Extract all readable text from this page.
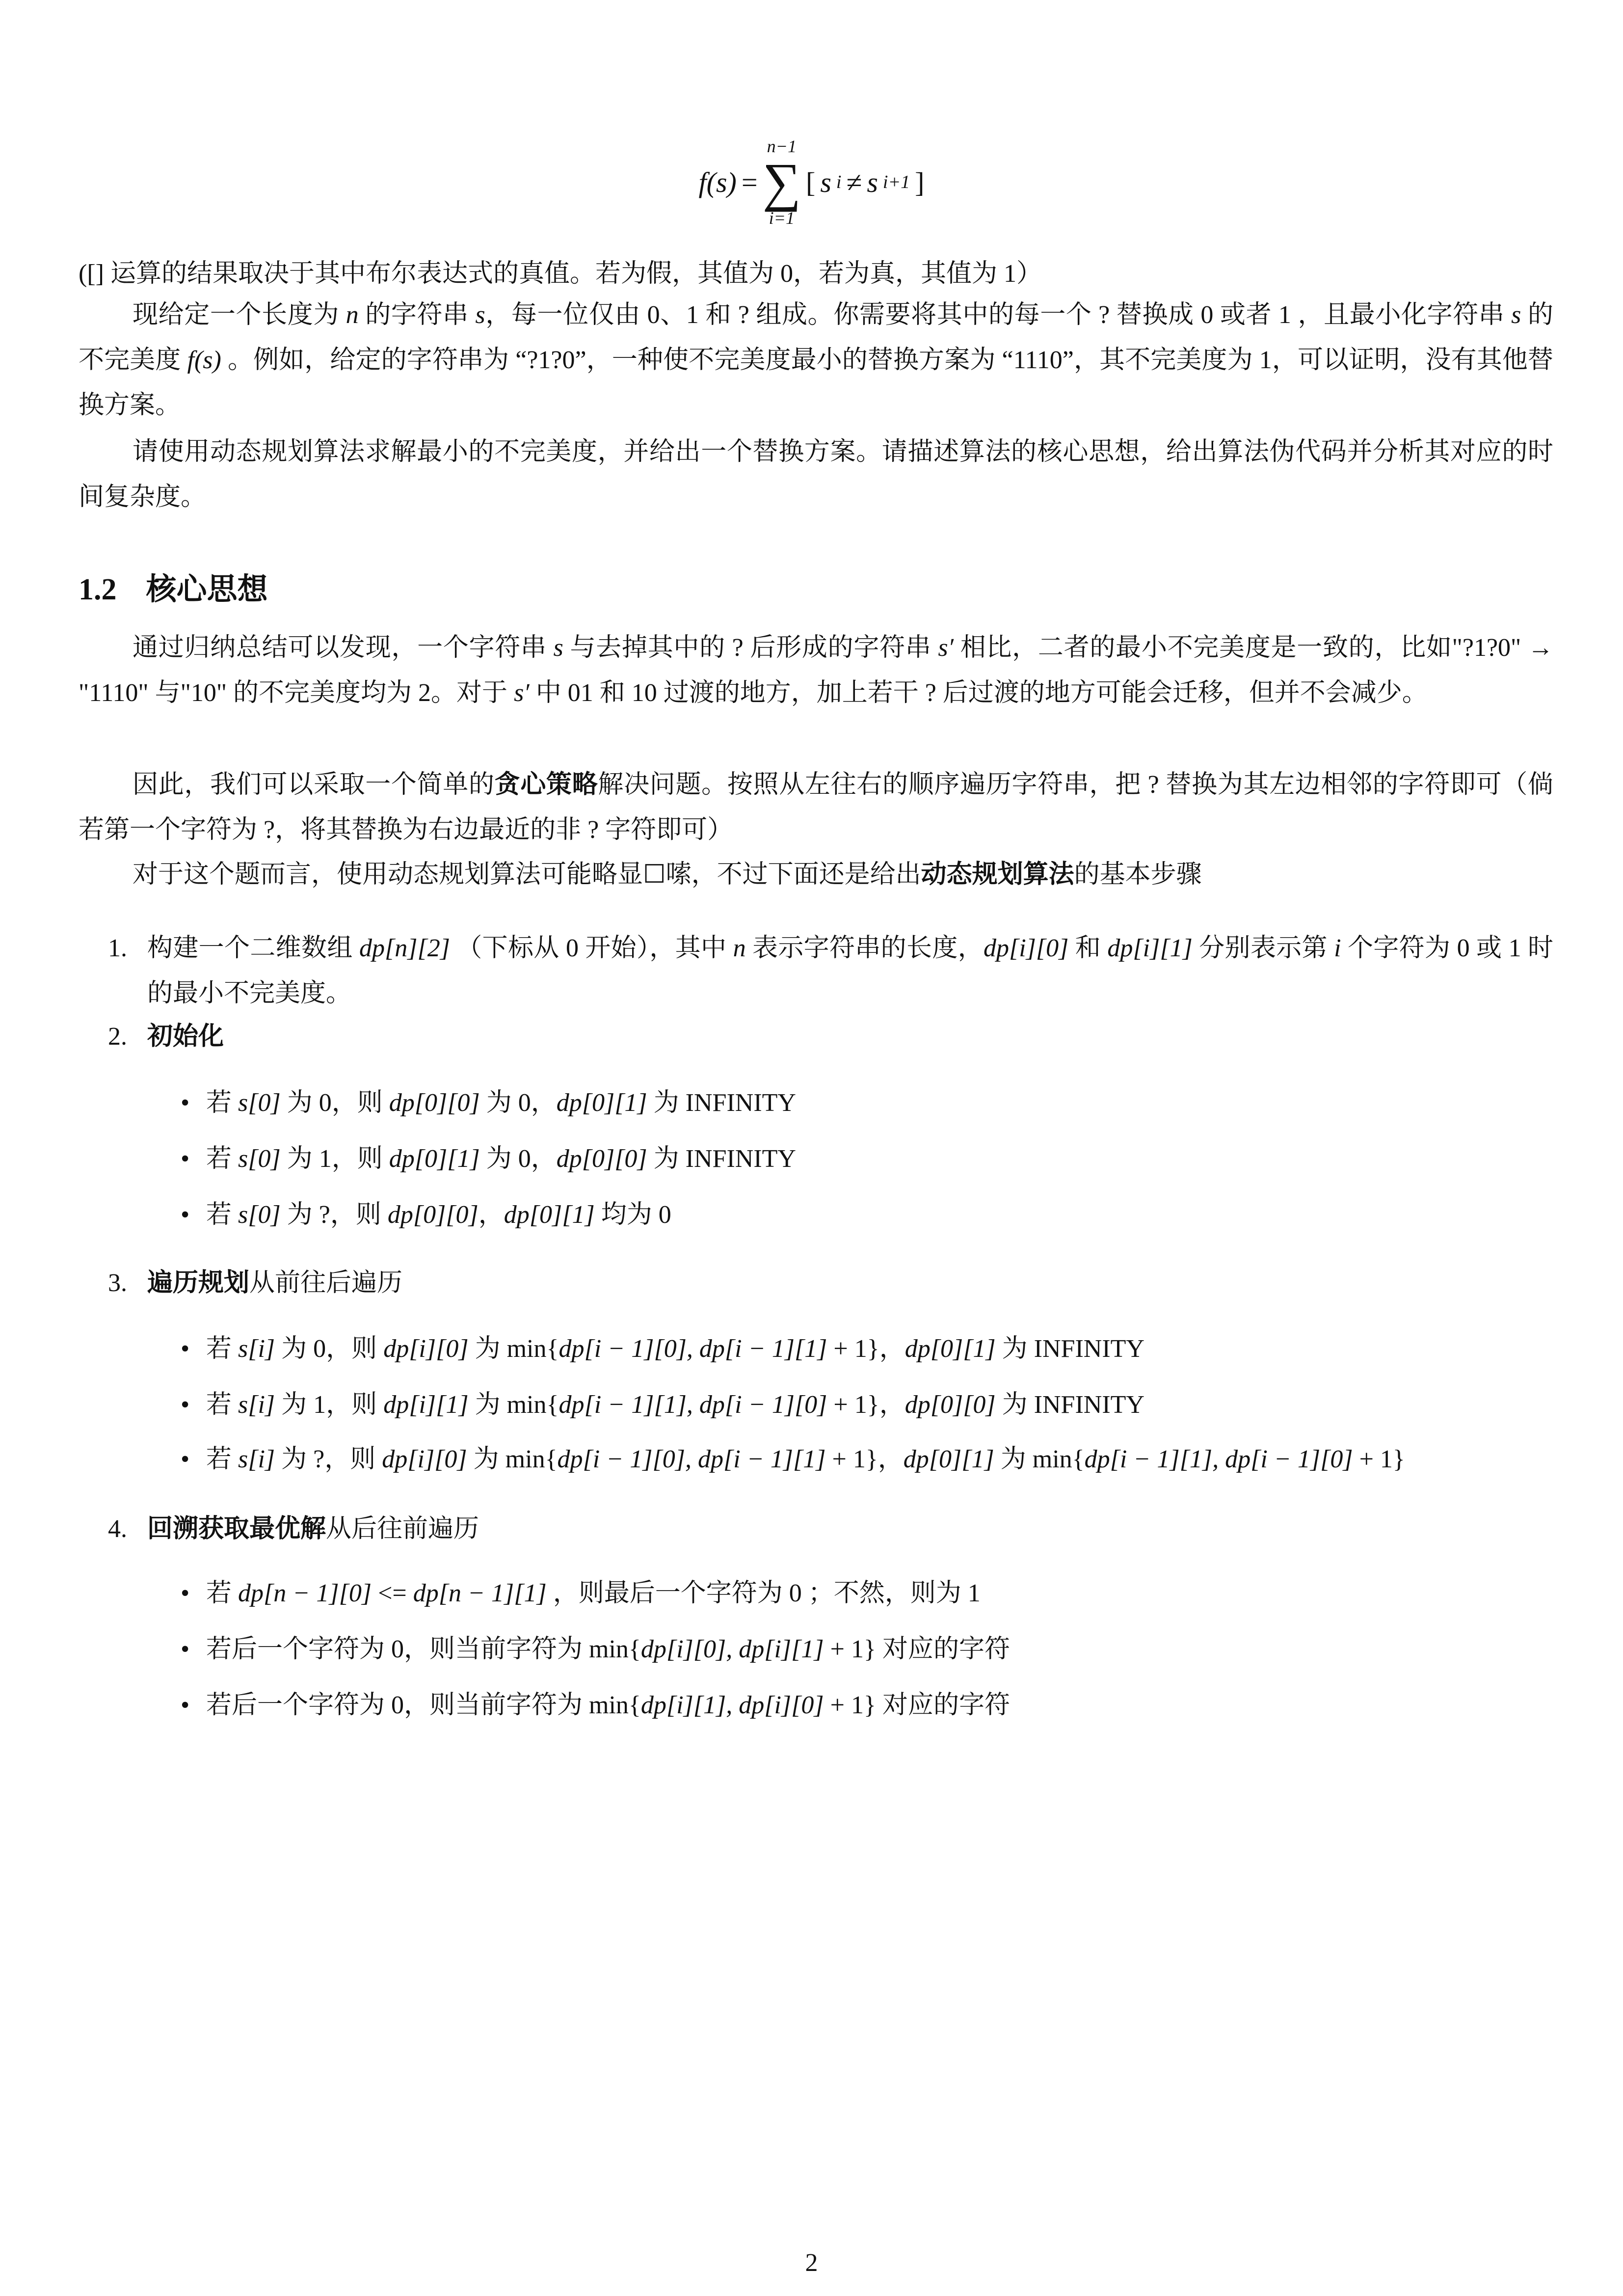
f(s) =
n−1
∑
i=1
[ s i ≠ s i+1 ]
([] 运算的结果取决于其中布尔表达式的真值。若为假，其值为 0，若为真，其值为 1）
现给定一个长度为 n 的字符串 s，每一位仅由 0、1 和 ? 组成。你需要将其中的每一个 ? 替换成 0 或者 1 ，且最小化字符串 s 的不完美度 f(s) 。例如，给定的字符串为 “?1?0”，一种使不完美度最小的替换方案为 “1110”，其不完美度为 1，可以证明，没有其他替换方案。
请使用动态规划算法求解最小的不完美度，并给出一个替换方案。请描述算法的核心思想，给出算法伪代码并分析其对应的时间复杂度。
1.2 核心思想
通过归纳总结可以发现，一个字符串 s 与去掉其中的 ? 后形成的字符串 s′ 相比，二者的最小不完美度是一致的，比如"?1?0" → "1110" 与"10" 的不完美度均为 2。对于 s′ 中 01 和 10 过渡的地方，加上若干 ? 后过渡的地方可能会迁移，但并不会减少。
因此，我们可以采取一个简单的贪心策略解决问题。按照从左往右的顺序遍历字符串，把 ? 替换为其左边相邻的字符即可（倘若第一个字符为 ?，将其替换为右边最近的非 ? 字符即可）
对于这个题而言，使用动态规划算法可能略显☐嗦，不过下面还是给出动态规划算法的基本步骤
1. 构建一个二维数组 dp[n][2] （下标从 0 开始），其中 n 表示字符串的长度，dp[i][0] 和 dp[i][1] 分别表示第 i 个字符为 0 或 1 时的最小不完美度。
2. 初始化
• 若 s[0] 为 0，则 dp[0][0] 为 0，dp[0][1] 为 INFINITY
• 若 s[0] 为 1，则 dp[0][1] 为 0，dp[0][0] 为 INFINITY
• 若 s[0] 为 ?，则 dp[0][0]，dp[0][1] 均为 0
3. 遍历规划从前往后遍历
• 若 s[i] 为 0，则 dp[i][0] 为 min{dp[i − 1][0], dp[i − 1][1] + 1}，dp[0][1] 为 INFINITY
• 若 s[i] 为 1，则 dp[i][1] 为 min{dp[i − 1][1], dp[i − 1][0] + 1}，dp[0][0] 为 INFINITY
• 若 s[i] 为 ?，则 dp[i][0] 为 min{dp[i − 1][0], dp[i − 1][1] + 1}，dp[0][1] 为 min{dp[i − 1][1], dp[i − 1][0] + 1}
4. 回溯获取最优解从后往前遍历
• 若 dp[n − 1][0] <= dp[n − 1][1] ，则最后一个字符为 0 ；不然，则为 1
• 若后一个字符为 0，则当前字符为 min{dp[i][0], dp[i][1] + 1} 对应的字符
• 若后一个字符为 0，则当前字符为 min{dp[i][1], dp[i][0] + 1} 对应的字符
2
